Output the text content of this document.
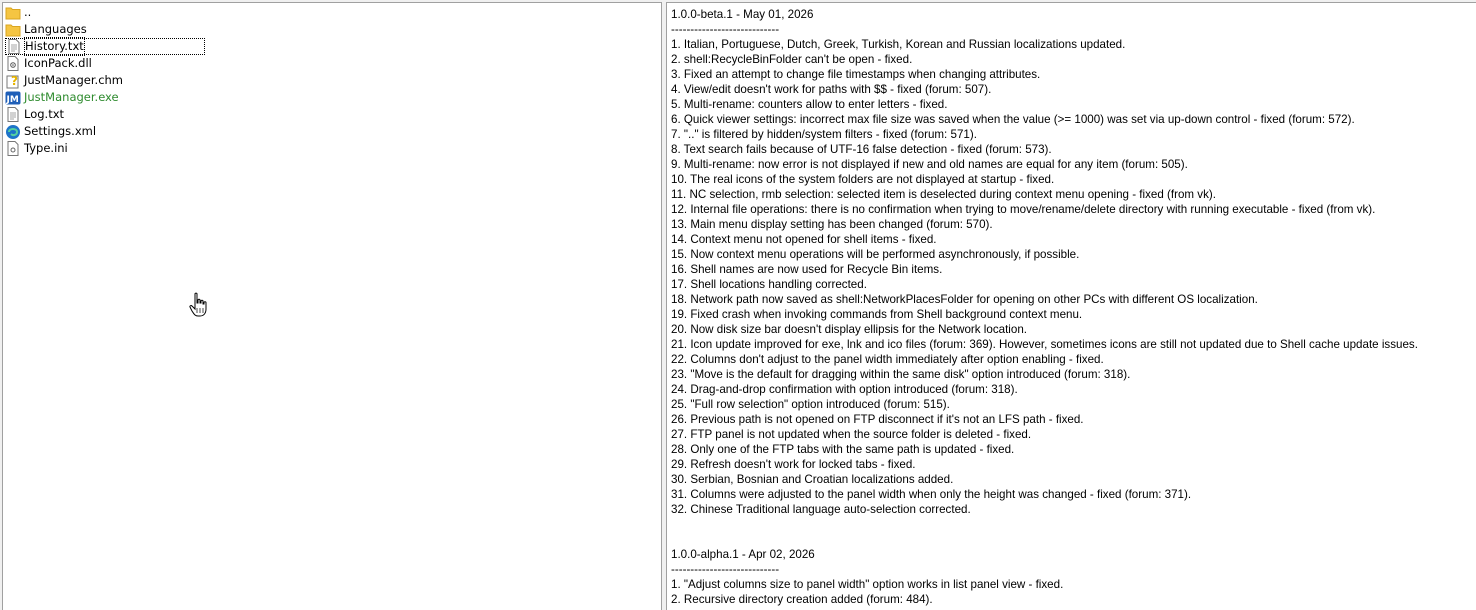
..
Languages
History.txt
IconPack.dll
? JustManager.chm
JM JustManager.exe
Log.txt
Settings.xml
Type.ini
1.0.0-beta.1 - May 01, 2026
----------------------------
1. Italian, Portuguese, Dutch, Greek, Turkish, Korean and Russian localizations updated.
2. shell:RecycleBinFolder can't be open - fixed.
3. Fixed an attempt to change file timestamps when changing attributes.
4. View/edit doesn't work for paths with $$ - fixed (forum: 507).
5. Multi-rename: counters allow to enter letters - fixed.
6. Quick viewer settings: incorrect max file size was saved when the value (>= 1000) was set via up-down control - fixed (forum: 572).
7. ".." is filtered by hidden/system filters - fixed (forum: 571).
8. Text search fails because of UTF-16 false detection - fixed (forum: 573).
9. Multi-rename: now error is not displayed if new and old names are equal for any item (forum: 505).
10. The real icons of the system folders are not displayed at startup - fixed.
11. NC selection, rmb selection: selected item is deselected during context menu opening - fixed (from vk).
12. Internal file operations: there is no confirmation when trying to move/rename/delete directory with running executable - fixed (from vk).
13. Main menu display setting has been changed (forum: 570).
14. Context menu not opened for shell items - fixed.
15. Now context menu operations will be performed asynchronously, if possible.
16. Shell names are now used for Recycle Bin items.
17. Shell locations handling corrected.
18. Network path now saved as shell:NetworkPlacesFolder for opening on other PCs with different OS localization.
19. Fixed crash when invoking commands from Shell background context menu.
20. Now disk size bar doesn't display ellipsis for the Network location.
21. Icon update improved for exe, lnk and ico files (forum: 369). However, sometimes icons are still not updated due to Shell cache update issues.
22. Columns don't adjust to the panel width immediately after option enabling - fixed.
23. "Move is the default for dragging within the same disk" option introduced (forum: 318).
24. Drag-and-drop confirmation with option introduced (forum: 318).
25. "Full row selection" option introduced (forum: 515).
26. Previous path is not opened on FTP disconnect if it's not an LFS path - fixed.
27. FTP panel is not updated when the source folder is deleted - fixed.
28. Only one of the FTP tabs with the same path is updated - fixed.
29. Refresh doesn't work for locked tabs - fixed.
30. Serbian, Bosnian and Croatian localizations added.
31. Columns were adjusted to the panel width when only the height was changed - fixed (forum: 371).
32. Chinese Traditional language auto-selection corrected.
1.0.0-alpha.1 - Apr 02, 2026
----------------------------
1. "Adjust columns size to panel width" option works in list panel view - fixed.
2. Recursive directory creation added (forum: 484).
